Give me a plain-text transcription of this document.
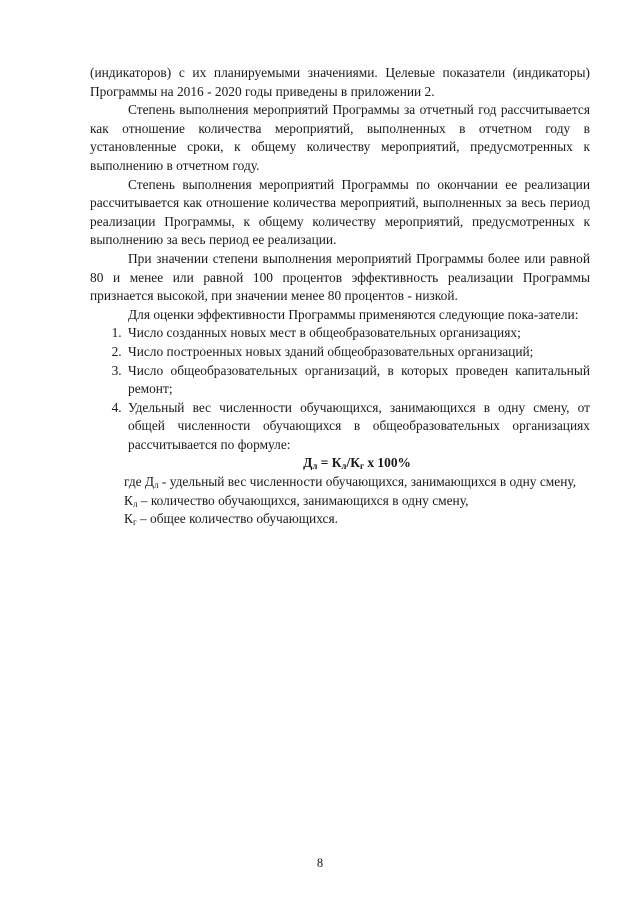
(индикаторов) с их планируемыми значениями. Целевые показатели (индикаторы) Программы на 2016 - 2020 годы приведены в приложении 2.

Степень выполнения мероприятий Программы за отчетный год рассчитывается как отношение количества мероприятий, выполненных в отчетном году в установленные сроки, к общему количеству мероприятий, предусмотренных к выполнению в отчетном году.

Степень выполнения мероприятий Программы по окончании ее реализации рассчитывается как отношение количества мероприятий, выполненных за весь период реализации Программы, к общему количеству мероприятий, предусмотренных к выполнению за весь период ее реализации.

При значении степени выполнения мероприятий Программы более или равной 80 и менее или равной 100 процентов эффективность реализации Программы признается высокой, при значении менее 80 процентов - низкой.

Для оценки эффективности Программы применяются следующие пока-затели:

1. Число созданных новых мест в общеобразовательных организациях;
2. Число построенных новых зданий общеобразовательных организаций;
3. Число общеобразовательных организаций, в которых проведен капитальный ремонт;
4. Удельный вес численности обучающихся, занимающихся в одну смену, от общей численности обучающихся в общеобразовательных организациях рассчитывается по формуле:

$Д_л = К_л/К_г$ х 100%

где $Д_л$ - удельный вес численности обучающихся, занимающихся в одну смену,

$К_л$ – количество обучающихся, занимающихся в одну смену,

$К_г$ – общее количество обучающихся.

8
